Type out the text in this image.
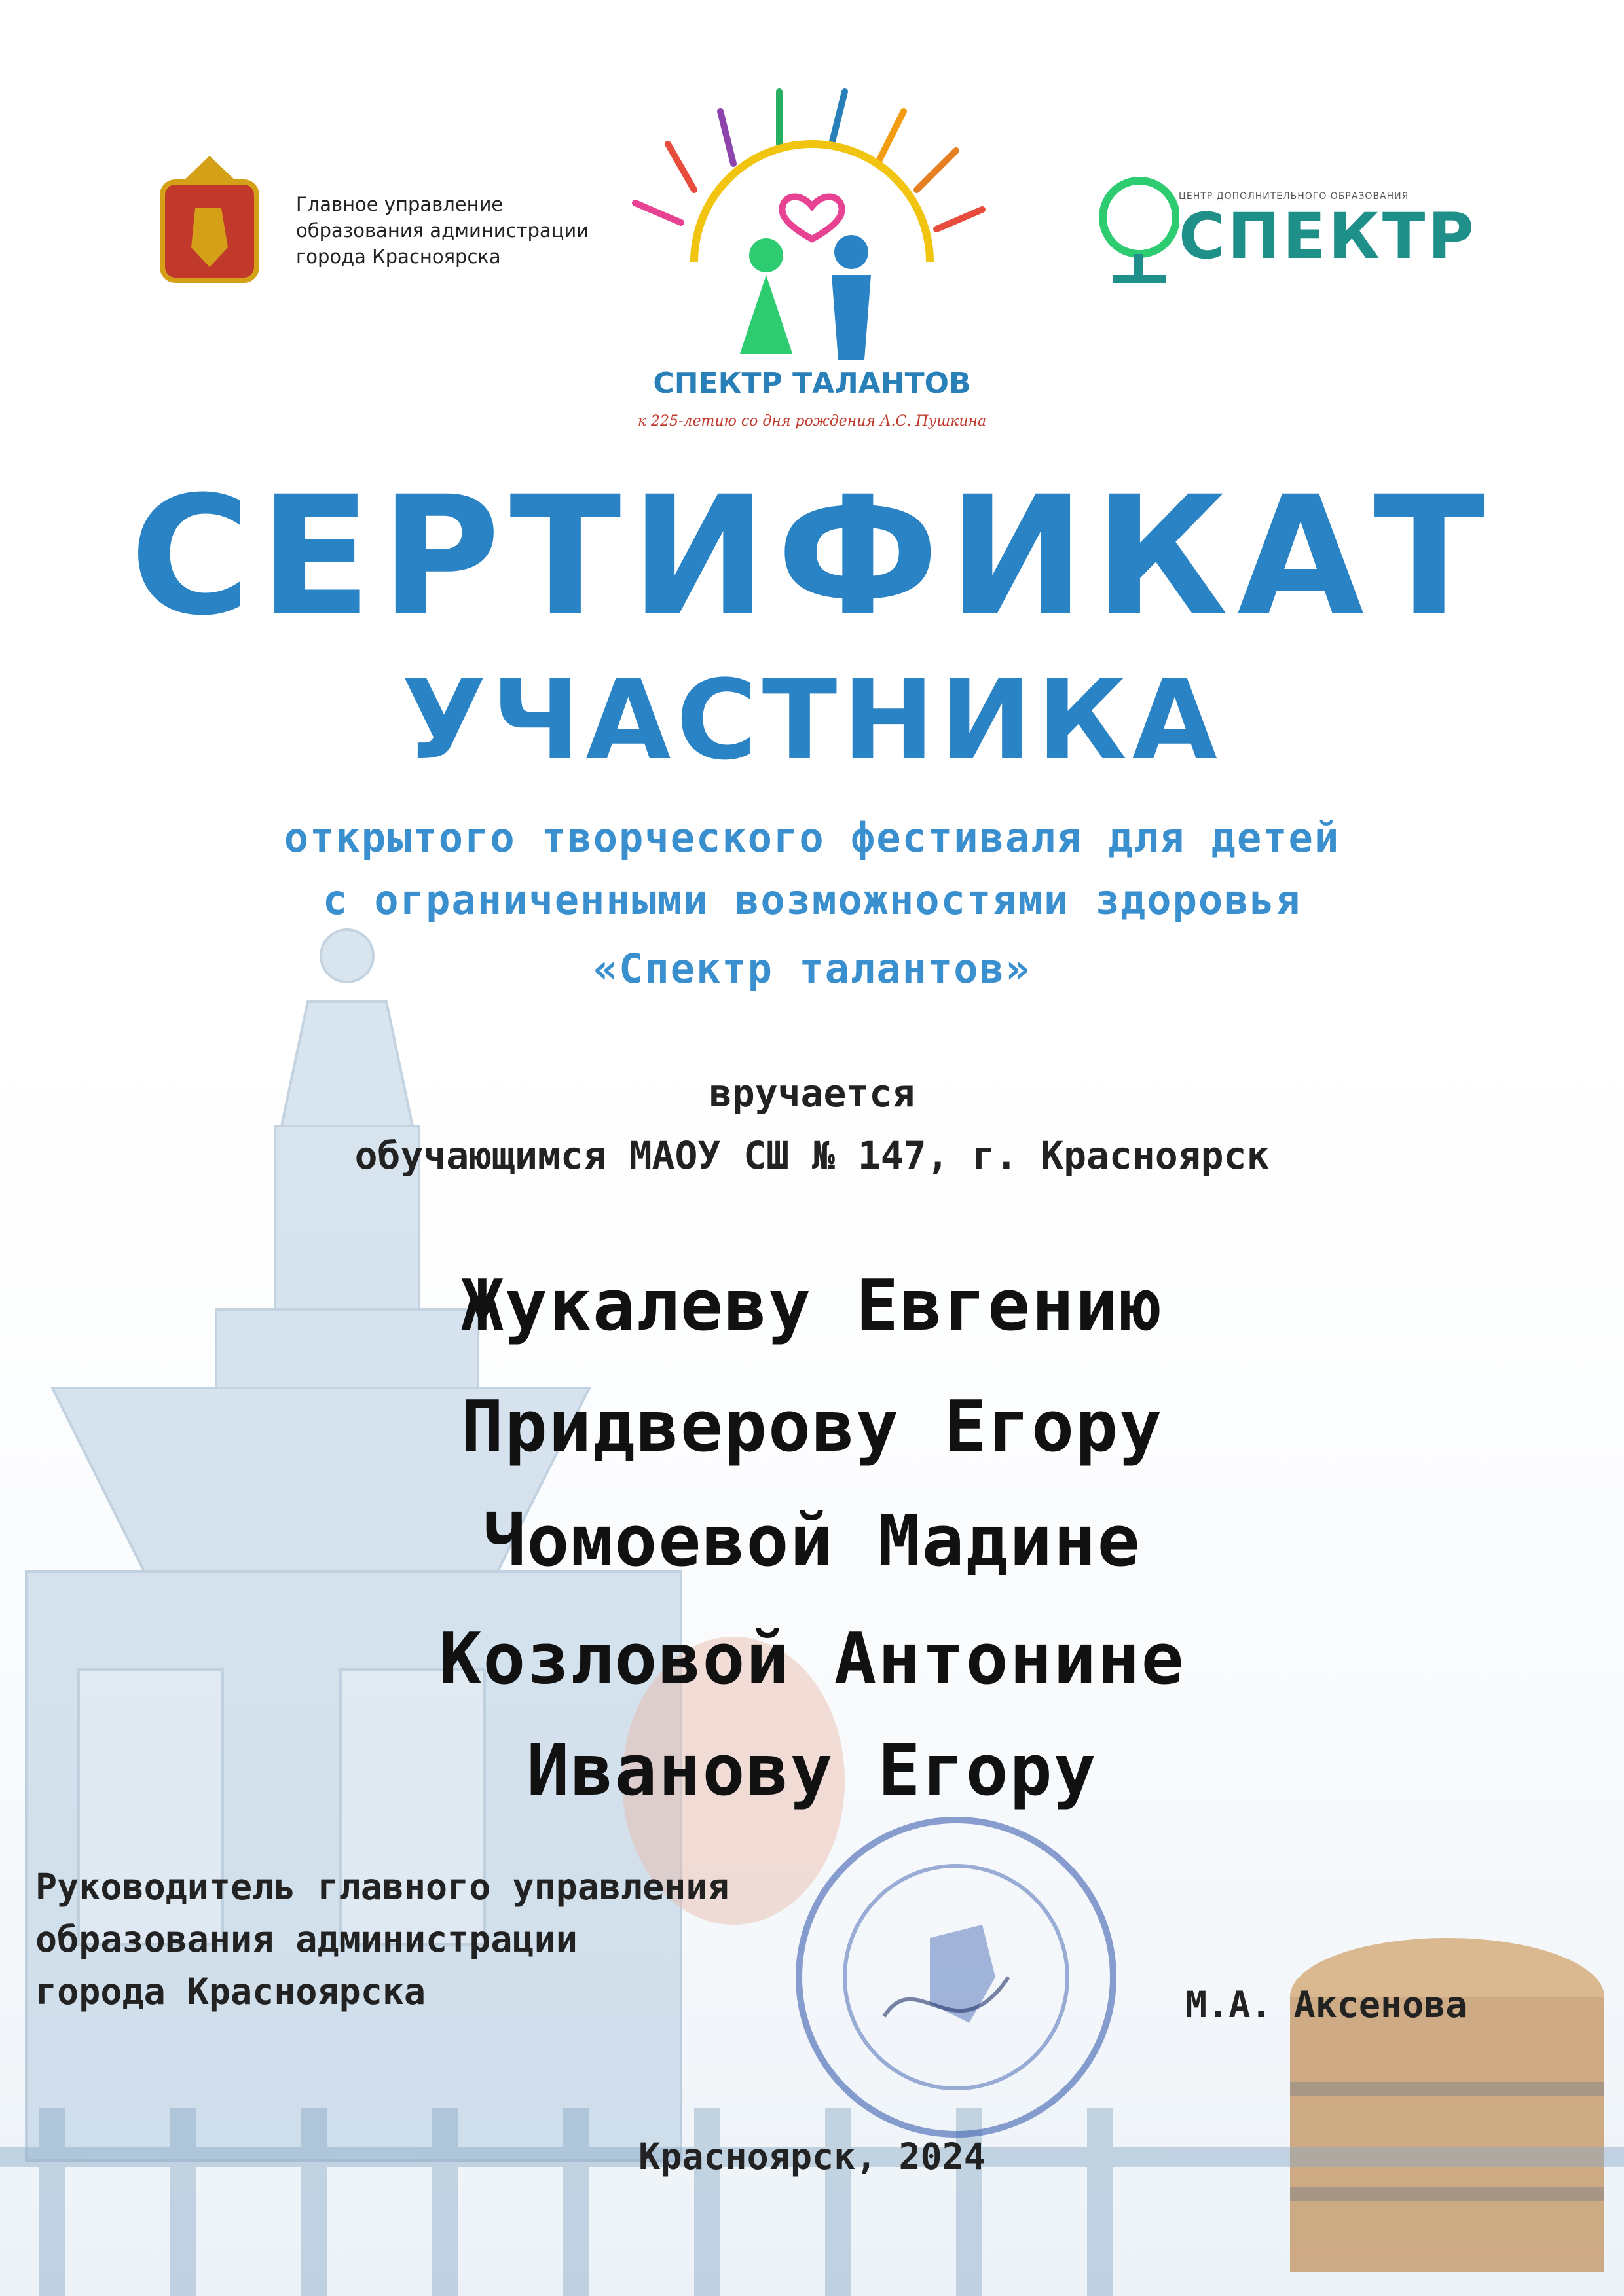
Главное управление
образования администрации
города Красноярска
СПЕКТР ТАЛАНТОВ
к 225-летию со дня рождения А.С. Пушкина
ЦЕНТР ДОПОЛНИТЕЛЬНОГО ОБРАЗОВАНИЯ
СПЕКТР
СЕРТИФИКАТ
УЧАСТНИКА
открытого творческого фестиваля для детей
с ограниченными возможностями здоровья
«Спектр талантов»
вручается
обучающимся МАОУ СШ № 147, г. Красноярск
Жукалеву Евгению
Придверову Егору
Чомоевой Мадине
Козловой Антонине
Иванову Егору
Руководитель главного управления
образования администрации
города Красноярска	М.А. Аксенова
Красноярск, 2024
